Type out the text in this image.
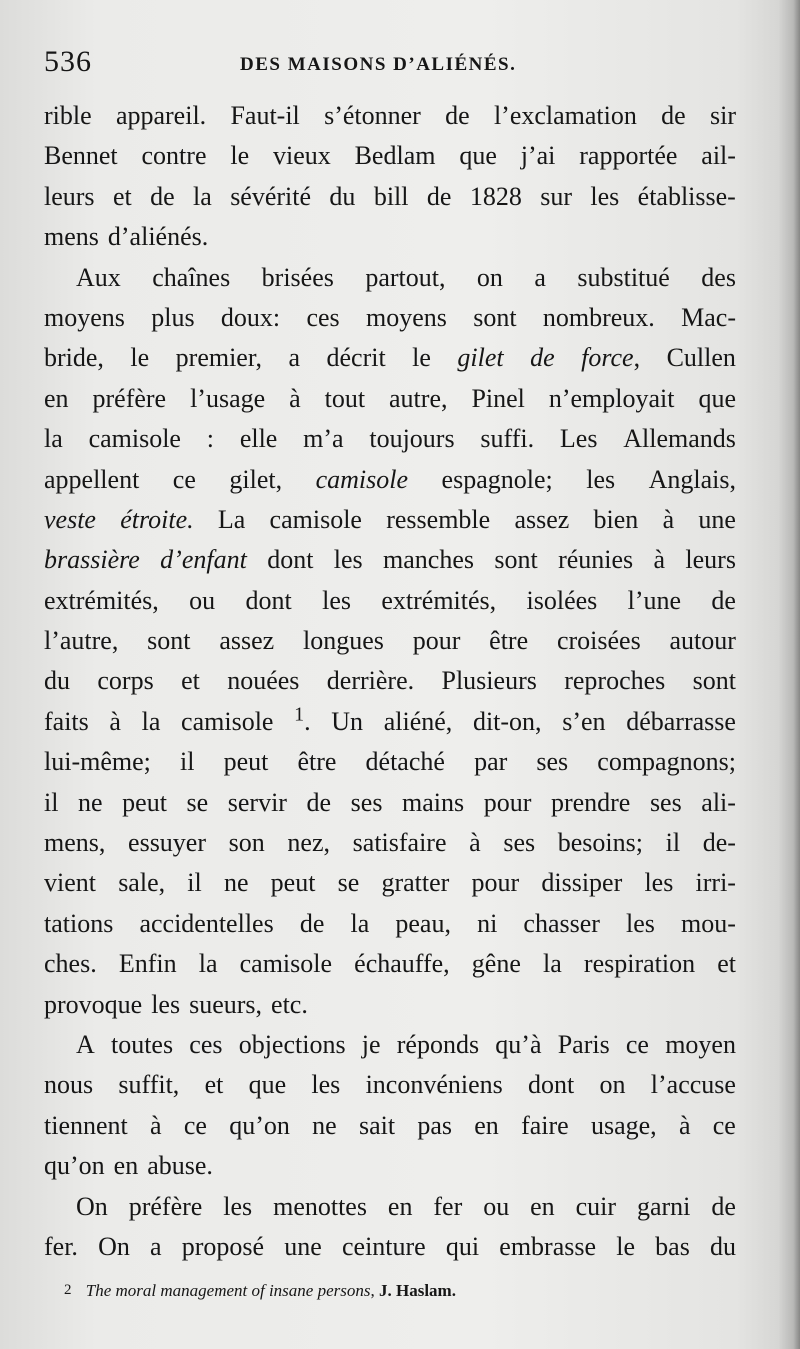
536	DES MAISONS D’ALIÉNÉS.
rible appareil. Faut-il s’étonner de l’exclamation de sir
Bennet contre le vieux Bedlam que j’ai rapportée ail-
leurs et de la sévérité du bill de 1828 sur les établisse-
mens d’aliénés.
Aux chaînes brisées partout, on a substitué des
moyens plus doux: ces moyens sont nombreux. Mac-
bride, le premier, a décrit le gilet de force, Cullen
en préfère l’usage à tout autre, Pinel n’employait que
la camisole : elle m’a toujours suffi. Les Allemands
appellent ce gilet, camisole espagnole; les Anglais,
veste étroite. La camisole ressemble assez bien à une
brassière d’enfant dont les manches sont réunies à leurs
extrémités, ou dont les extrémités, isolées l’une de
l’autre, sont assez longues pour être croisées autour
du corps et nouées derrière. Plusieurs reproches sont
faits à la camisole $^1$. Un aliéné, dit-on, s’en débarrasse
lui-même; il peut être détaché par ses compagnons;
il ne peut se servir de ses mains pour prendre ses ali-
mens, essuyer son nez, satisfaire à ses besoins; il de-
vient sale, il ne peut se gratter pour dissiper les irri-
tations accidentelles de la peau, ni chasser les mou-
ches. Enfin la camisole échauffe, gêne la respiration et
provoque les sueurs, etc.
A toutes ces objections je réponds qu’à Paris ce moyen
nous suffit, et que les inconvéniens dont on l’accuse
tiennent à ce qu’on ne sait pas en faire usage, à ce
qu’on en abuse.
On préfère les menottes en fer ou en cuir garni de
fer. On a proposé une ceinture qui embrasse le bas du
2 The moral management of insane persons, J. Haslam.
